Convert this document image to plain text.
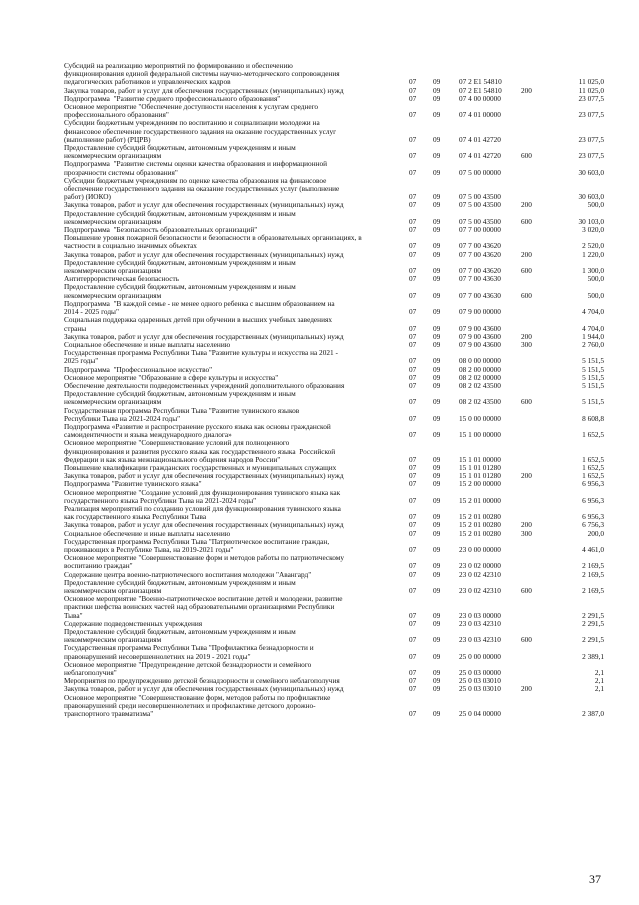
Субсидий на реализацию мероприятий по формированию и обеспечению
функционирования единой федеральной системы научно-методического сопровождения
педагогических работников и управленческих кадров	07	09	07 2 E1 54810	11 025,0
Закупка товаров, работ и услуг для обеспечения государственных (муниципальных) нужд	07	09	07 2 E1 54810	200	11 025,0
Подпрограмма  "Развитие среднего профессионального образования"	07	09	07 4 00 00000	23 077,5
Основное мероприятие "Обеспечение доступности населения к услугам среднего
профессионального образования"	07	09	07 4 01 00000	23 077,5
Субсидии бюджетным учреждениям по воспитанию и социализации молодежи на
финансовое обеспечение государственного задания на оказание государственных услуг
(выполнение работ) (РЦРВ)	07	09	07 4 01 42720	23 077,5
Предоставление субсидий бюджетным, автономным учреждениям и иным
некоммерческим организациям	07	09	07 4 01 42720	600	23 077,5
Подпрограмма  "Развитие системы оценки качества образования и информационной
прозрачности системы образования"	07	09	07 5 00 00000	30 603,0
Субсидии бюджетным учреждениям по оценке качества образования на финансовое
обеспечение государственного задания на оказание государственных услуг (выполнение
работ) (ИОКО)	07	09	07 5 00 43500	30 603,0
Закупка товаров, работ и услуг для обеспечения государственных (муниципальных) нужд	07	09	07 5 00 43500	200	500,0
Предоставление субсидий бюджетным, автономным учреждениям и иным
некоммерческим организациям	07	09	07 5 00 43500	600	30 103,0
Подпрограмма  "Безопасность образовательных организаций"	07	09	07 7 00 00000	3 020,0
Повышение уровня пожарной безопасности и безопасности в образовательных организациях, в
частности в социально значимых объектах	07	09	07 7 00 43620	2 520,0
Закупка товаров, работ и услуг для обеспечения государственных (муниципальных) нужд	07	09	07 7 00 43620	200	1 220,0
Предоставление субсидий бюджетным, автономным учреждениям и иным
некоммерческим организациям	07	09	07 7 00 43620	600	1 300,0
Антитеррористическая безопасность	07	09	07 7 00 43630	500,0
Предоставление субсидий бюджетным, автономным учреждениям и иным
некоммерческим организациям	07	09	07 7 00 43630	600	500,0
Подпрограмма  "В каждой семье - не менее одного ребенка с высшим образованием на
2014 - 2025 годы"	07	09	07 9 00 00000	4 704,0
Социальная поддержка одаренных детей при обучении в высших учебных заведениях
страны	07	09	07 9 00 43600	4 704,0
Закупка товаров, работ и услуг для обеспечения государственных (муниципальных) нужд	07	09	07 9 00 43600	200	1 944,0
Социальное обеспечение и иные выплаты населению	07	09	07 9 00 43600	300	2 760,0
Государственная программа Республики Тыва "Развитие культуры и искусства на 2021 -
2025 годы"	07	09	08 0 00 00000	5 151,5
Подпрограмма  "Профессиональное искусство"	07	09	08 2 00 00000	5 151,5
Основное мероприятие "Образование в сфере культуры и искусства"	07	09	08 2 02 00000	5 151,5
Обеспечение деятельности подведомственных учреждений дополнительного образования	07	09	08 2 02 43500	5 151,5
Предоставление субсидий бюджетным, автономным учреждениям и иным
некоммерческим организациям	07	09	08 2 02 43500	600	5 151,5
Государственная программа Республики Тыва "Развитие тувинского языков
Республики Тыва на 2021-2024 годы"	07	09	15 0 00 00000	8 608,8
Подпрограмма «Развитие и распространение русского языка как основы гражданской
самоидентичности и языка международного диалога»	07	09	15 1 00 00000	1 652,5
Основное мероприятие "Совершенствование условий для полноценного
функционирования и развития русского языка как государственного языка  Российской
Федерации и как языка межнационального общения народов России"	07	09	15 1 01 00000	1 652,5
Повышение квалификации гражданских государственных и муниципальных служащих	07	09	15 1 01 01280	1 652,5
Закупка товаров, работ и услуг для обеспечения государственных (муниципальных) нужд	07	09	15 1 01 01280	200	1 652,5
Подпрограмма "Развитие тувинского языка"	07	09	15 2 00 00000	6 956,3
Основное мероприятие "Создание условий для функционирования тувинского языка как
государственного языка Республики Тыва на 2021-2024 годы"	07	09	15 2 01 00000	6 956,3
Реализация мероприятий по созданию условий для функционирования тувинского языка
как государственного языка Республики Тыва	07	09	15 2 01 00280	6 956,3
Закупка товаров, работ и услуг для обеспечения государственных (муниципальных) нужд	07	09	15 2 01 00280	200	6 756,3
Социальное обеспечение и иные выплаты населению	07	09	15 2 01 00280	300	200,0
Государственная программа Республики Тыва "Патриотическое воспитание граждан,
проживающих в Республике Тыва, на 2019-2021 годы"	07	09	23 0 00 00000	4 461,0
Основное мероприятие "Совершенствование форм и методов работы по патриотическому
воспитанию граждан"	07	09	23 0 02 00000	2 169,5
Содержание центра военно-патриотического воспитания молодежи "Авангард"	07	09	23 0 02 42310	2 169,5
Предоставление субсидий бюджетным, автономным учреждениям и иным
некоммерческим организациям	07	09	23 0 02 42310	600	2 169,5
Основное мероприятие "Военно-патриотическое воспитание детей и молодежи, развитие
практики шефства воинских частей над образовательными организациями Республики
Тыва"	07	09	23 0 03 00000	2 291,5
Содержание подведомственных учреждения	07	09	23 0 03 42310	2 291,5
Предоставление субсидий бюджетным, автономным учреждениям и иным
некоммерческим организациям	07	09	23 0 03 42310	600	2 291,5
Государственная программа Республики Тыва "Профилактика безнадзорности и
правонарушений несовершеннолетних на 2019 - 2021 годы"	07	09	25 0 00 00000	2 389,1
Основное мероприятие "Предупреждение детской безнадзорности и семейного
неблагополучия"	07	09	25 0 03 00000	2,1
Мероприятия по предупреждению детской безнадзорности и семейного неблагополучия	07	09	25 0 03 03010	2,1
Закупка товаров, работ и услуг для обеспечения государственных (муниципальных) нужд	07	09	25 0 03 03010	200	2,1
Основное мероприятие "Совершенствование форм, методов работы по профилактике
правонарушений среди несовершеннолетних и профилактике детского дорожно-
транспортного травматизма"	07	09	25 0 04 00000	2 387,0
37
